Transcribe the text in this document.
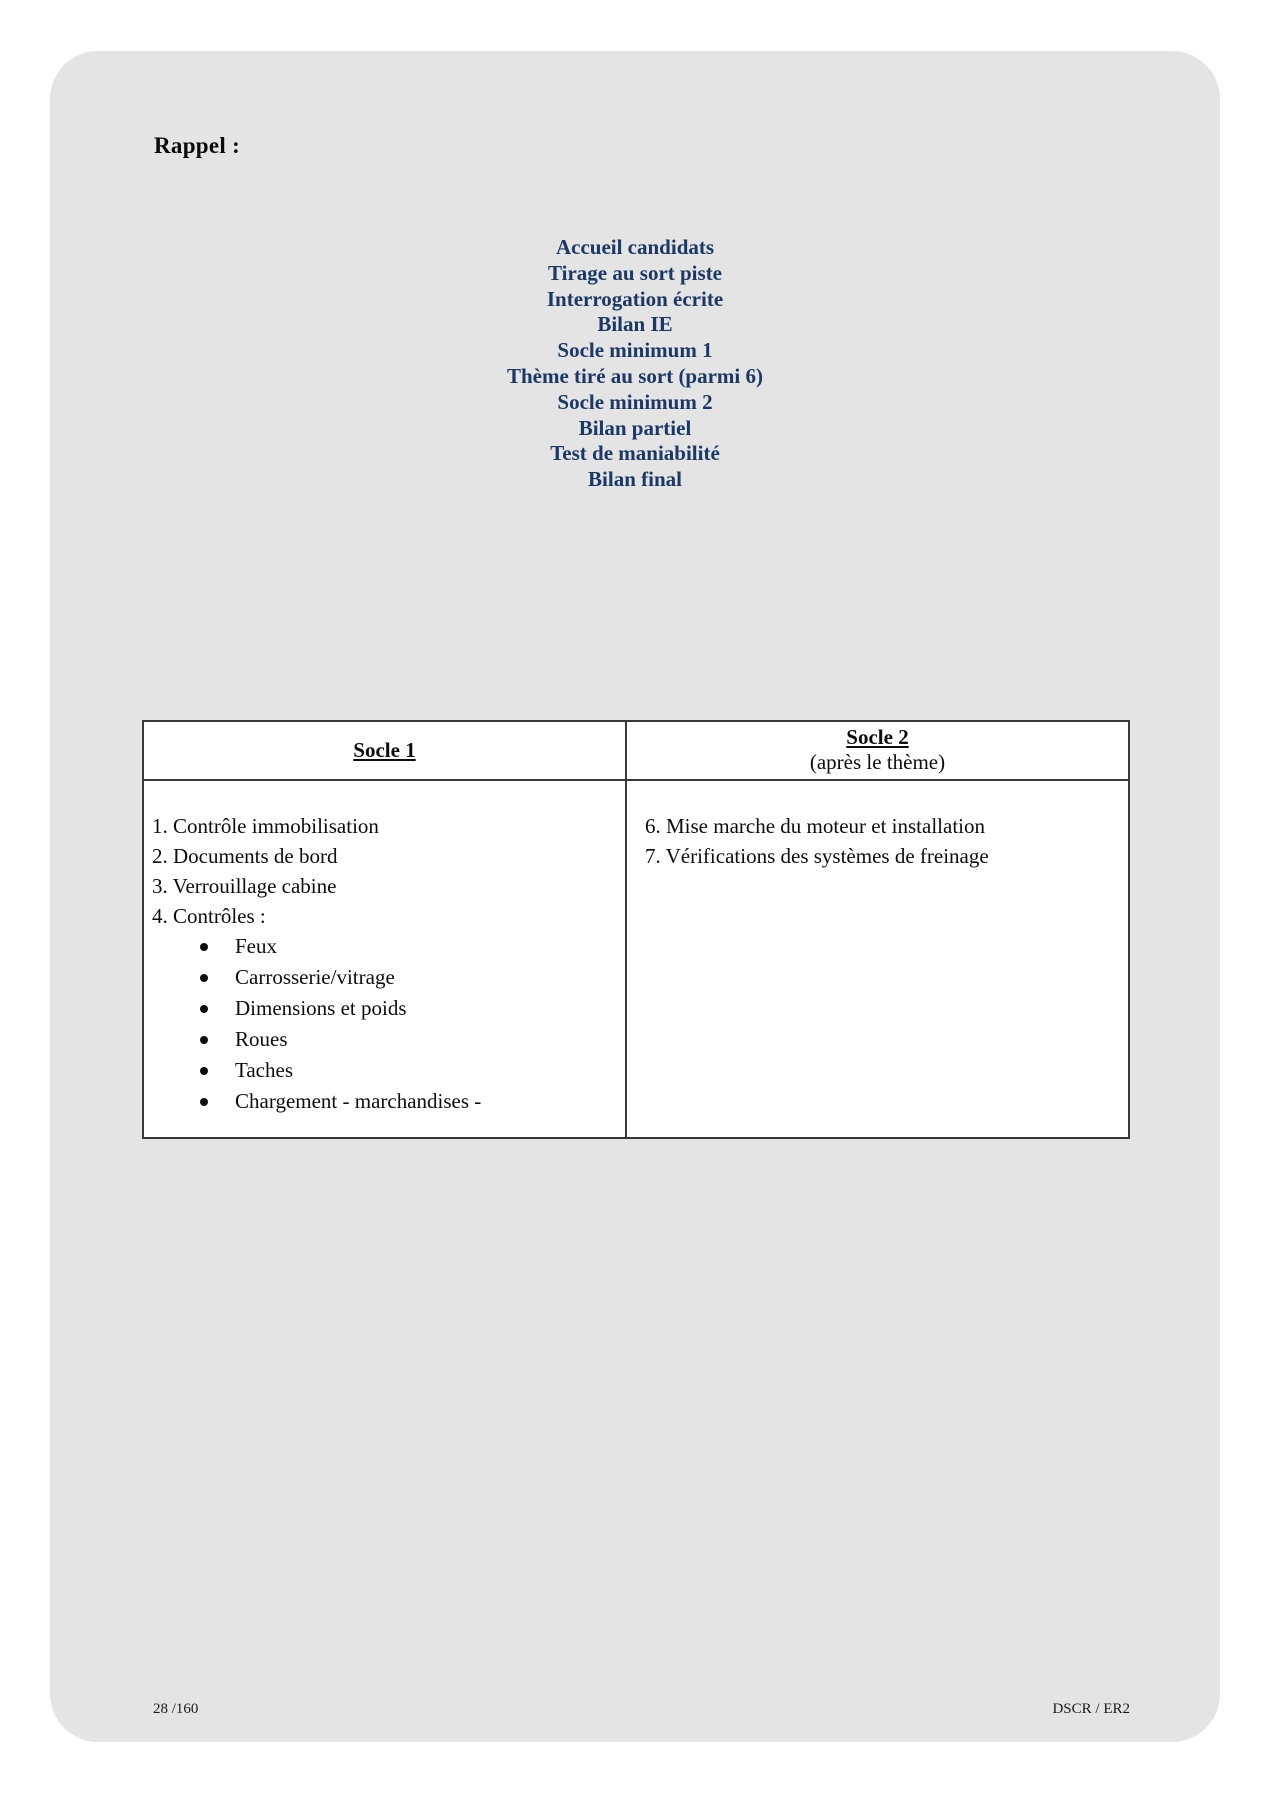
Rappel :
Accueil candidats
Tirage au sort piste
Interrogation écrite
Bilan IE
Socle minimum 1
Thème tiré au sort (parmi 6)
Socle minimum 2
Bilan partiel
Test de maniabilité
Bilan final
Socle 1
Socle 2
(après le thème)
1. Contrôle immobilisation
2. Documents de bord
3. Verrouillage cabine
4. Contrôles :
Feux
Carrosserie/vitrage
Dimensions et poids
Roues
Taches
Chargement - marchandises -
6. Mise marche du moteur et installation
7. Vérifications des systèmes de freinage
28 /160	DSCR / ER2
